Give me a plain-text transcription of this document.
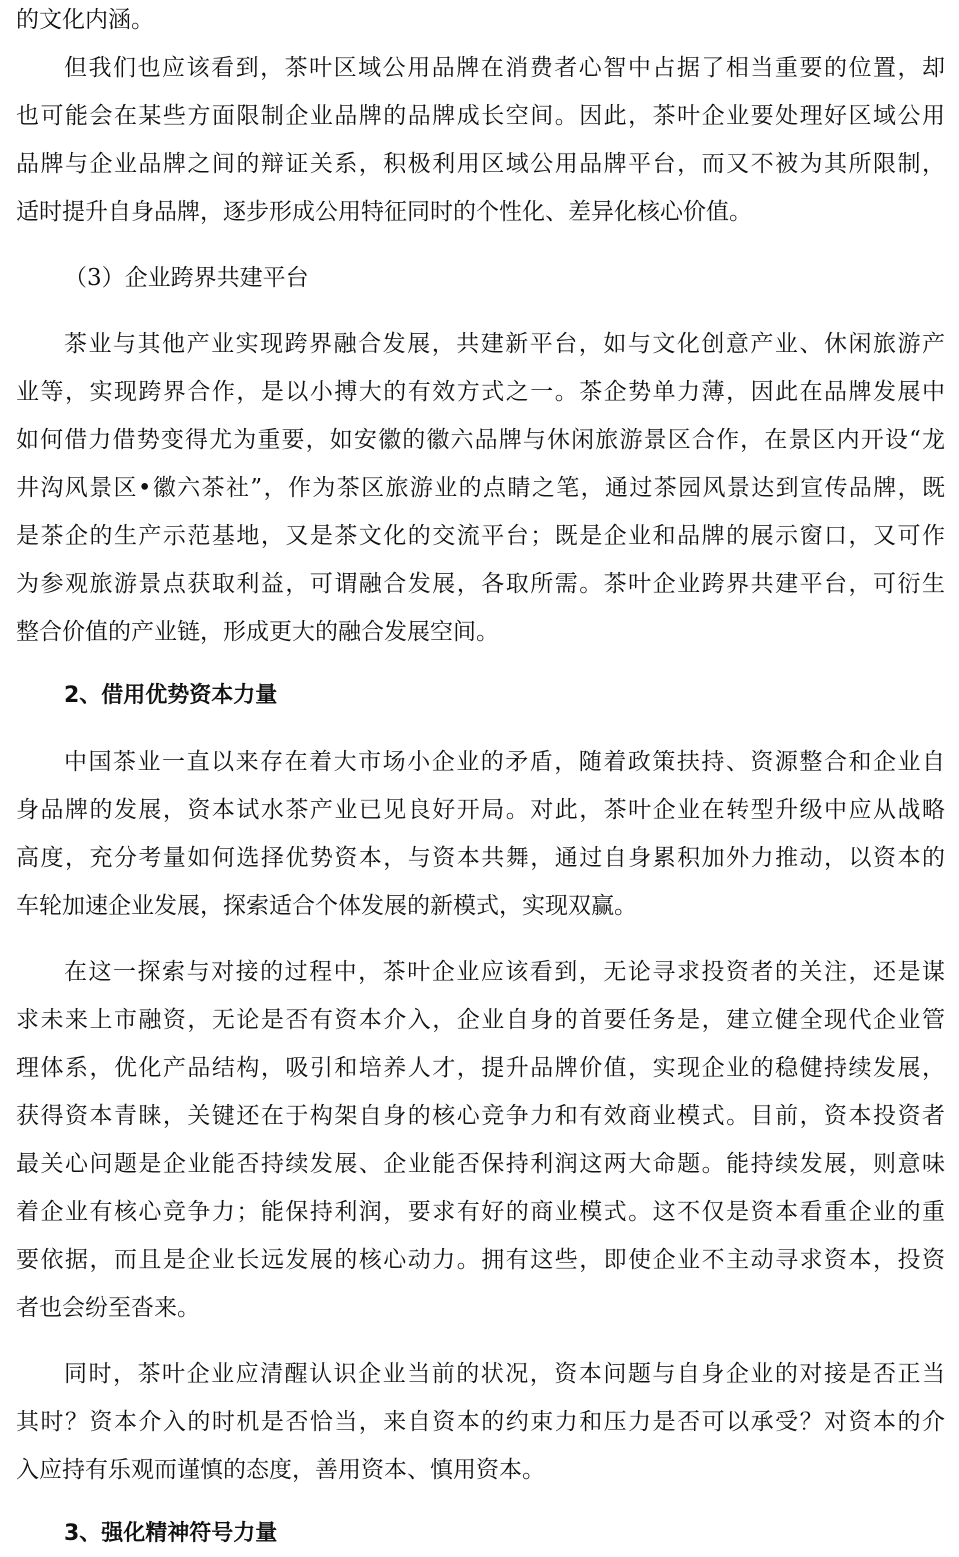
的文化内涵。
但我们也应该看到，茶叶区域公用品牌在消费者心智中占据了相当重要的位置，却
也可能会在某些方面限制企业品牌的品牌成长空间。因此，茶叶企业要处理好区域公用
品牌与企业品牌之间的辩证关系，积极利用区域公用品牌平台，而又不被为其所限制，
适时提升自身品牌，逐步形成公用特征同时的个性化、差异化核心价值。
（3）企业跨界共建平台
茶业与其他产业实现跨界融合发展，共建新平台，如与文化创意产业、休闲旅游产
业等，实现跨界合作，是以小搏大的有效方式之一。茶企势单力薄，因此在品牌发展中
如何借力借势变得尤为重要，如安徽的徽六品牌与休闲旅游景区合作，在景区内开设“龙
井沟风景区•徽六茶社”，作为茶区旅游业的点睛之笔，通过茶园风景达到宣传品牌，既
是茶企的生产示范基地，又是茶文化的交流平台；既是企业和品牌的展示窗口，又可作
为参观旅游景点获取利益，可谓融合发展，各取所需。茶叶企业跨界共建平台，可衍生
整合价值的产业链，形成更大的融合发展空间。
2、借用优势资本力量
中国茶业一直以来存在着大市场小企业的矛盾，随着政策扶持、资源整合和企业自
身品牌的发展，资本试水茶产业已见良好开局。对此，茶叶企业在转型升级中应从战略
高度，充分考量如何选择优势资本，与资本共舞，通过自身累积加外力推动，以资本的
车轮加速企业发展，探索适合个体发展的新模式，实现双赢。
在这一探索与对接的过程中，茶叶企业应该看到，无论寻求投资者的关注，还是谋
求未来上市融资，无论是否有资本介入，企业自身的首要任务是，建立健全现代企业管
理体系，优化产品结构，吸引和培养人才，提升品牌价值，实现企业的稳健持续发展，
获得资本青睐，关键还在于构架自身的核心竞争力和有效商业模式。目前，资本投资者
最关心问题是企业能否持续发展、企业能否保持利润这两大命题。能持续发展，则意味
着企业有核心竞争力；能保持利润，要求有好的商业模式。这不仅是资本看重企业的重
要依据，而且是企业长远发展的核心动力。拥有这些，即使企业不主动寻求资本，投资
者也会纷至沓来。
同时，茶叶企业应清醒认识企业当前的状况，资本问题与自身企业的对接是否正当
其时？资本介入的时机是否恰当，来自资本的约束力和压力是否可以承受？对资本的介
入应持有乐观而谨慎的态度，善用资本、慎用资本。
3、强化精神符号力量
